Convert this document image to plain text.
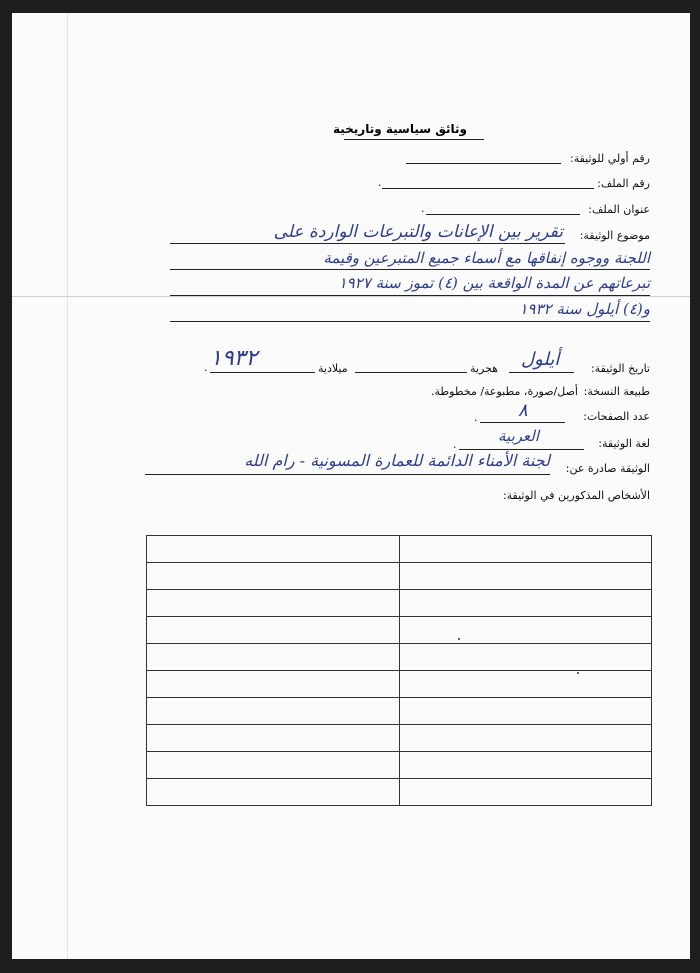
وثائق سياسية وتاريخية
رقم أولي للوثيقة:
رقم الملف:
.
عنوان الملف:
.
موضوع الوثيقة:
تقرير بين الإعانات والتبرعات الواردة على
اللجنة ووجوه إنفاقها مع أسماء جميع المتبرعين وقيمة
تبرعاتهم عن المدة الواقعة بين (٤) تموز سنة ١٩٢٧
و(٤) أيلول سنة ١٩٣٢
تاريخ الوثيقة:
أيلول
هجرية
ميلادية
١٩٣٢
.
طبيعة النسخة:
أصل/صورة، مطبوعة/ مخطوطة.
عدد الصفحات:
٨
.
لغة الوثيقة:
العربية
.
الوثيقة صادرة عن:
لجنة الأمناء الدائمة للعمارة المسونية - رام الله
الأشخاص المذكورين في الوثيقة:
